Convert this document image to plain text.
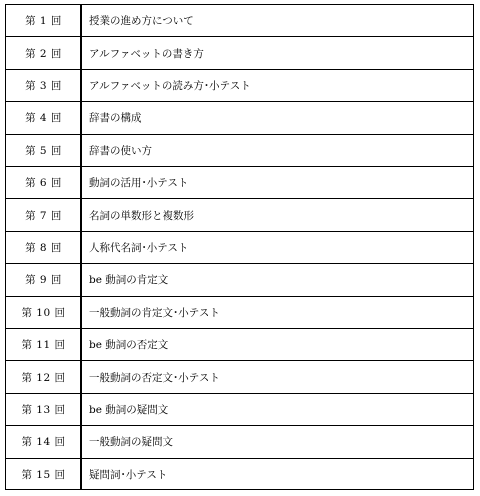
第 1 回	授業の進め方について
第 2 回	アルファベットの書き方
第 3 回	アルファベットの読み方･小テスト
第 4 回	辞書の構成
第 5 回	辞書の使い方
第 6 回	動詞の活用･小テスト
第 7 回	名詞の単数形と複数形
第 8 回	人称代名詞･小テスト
第 9 回	be 動詞の肯定文
第 10 回	一般動詞の肯定文･小テスト
第 11 回	be 動詞の否定文
第 12 回	一般動詞の否定文･小テスト
第 13 回	be 動詞の疑問文
第 14 回	一般動詞の疑問文
第 15 回	疑問詞･小テスト
